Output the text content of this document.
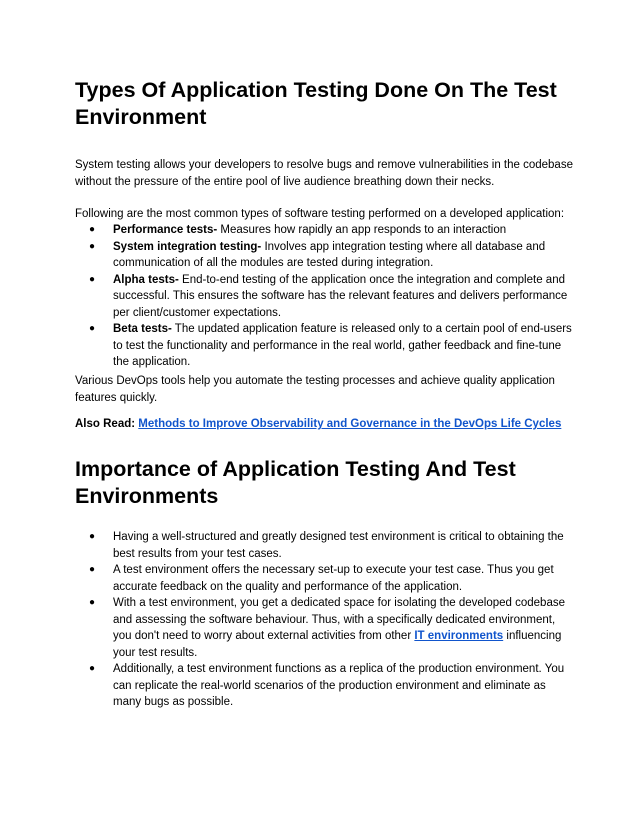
Types Of Application Testing Done On The Test
Environment

System testing allows your developers to resolve bugs and remove vulnerabilities in the codebase without the pressure of the entire pool of live audience breathing down their necks.

Following are the most common types of software testing performed on a developed application:

● Performance tests- Measures how rapidly an app responds to an interaction
● System integration testing- Involves app integration testing where all database and communication of all the modules are tested during integration.
● Alpha tests- End-to-end testing of the application once the integration and complete and successful. This ensures the software has the relevant features and delivers performance per client/customer expectations.
● Beta tests- The updated application feature is released only to a certain pool of end-users to test the functionality and performance in the real world, gather feedback and fine-tune the application.

Various DevOps tools help you automate the testing processes and achieve quality application features quickly.

Also Read: Methods to Improve Observability and Governance in the DevOps Life Cycles

Importance of Application Testing And Test
Environments
● Having a well-structured and greatly designed test environment is critical to obtaining the best results from your test cases.
● A test environment offers the necessary set-up to execute your test case. Thus you get accurate feedback on the quality and performance of the application.
● With a test environment, you get a dedicated space for isolating the developed codebase and assessing the software behaviour. Thus, with a specifically dedicated environment, you don't need to worry about external activities from other IT environments influencing your test results.
● Additionally, a test environment functions as a replica of the production environment. You can replicate the real-world scenarios of the production environment and eliminate as many bugs as possible.
